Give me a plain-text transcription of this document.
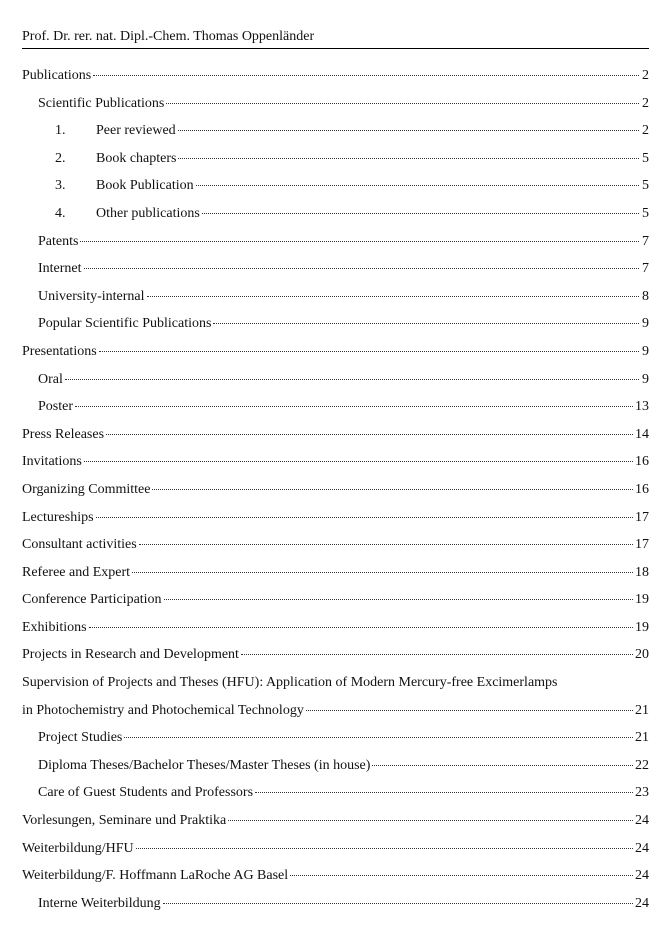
Prof. Dr. rer. nat. Dipl.-Chem. Thomas Oppenländer
Publications	2
Scientific Publications	2
1.	Peer reviewed	2
2.	Book chapters	5
3.	Book Publication	5
4.	Other publications	5
Patents	7
Internet	7
University-internal	8
Popular Scientific Publications	9
Presentations	9
Oral	9
Poster	13
Press Releases	14
Invitations	16
Organizing Committee	16
Lectureships	17
Consultant activities	17
Referee and Expert	18
Conference Participation	19
Exhibitions	19
Projects in Research and Development	20
Supervision of Projects and Theses (HFU): Application of Modern Mercury-free Excimerlamps
in Photochemistry and Photochemical Technology	21
Project Studies	21
Diploma Theses/Bachelor Theses/Master Theses (in house)	22
Care of Guest Students and Professors	23
Vorlesungen, Seminare und Praktika	24
Weiterbildung/HFU	24
Weiterbildung/F. Hoffmann LaRoche AG Basel	24
Interne Weiterbildung	24
